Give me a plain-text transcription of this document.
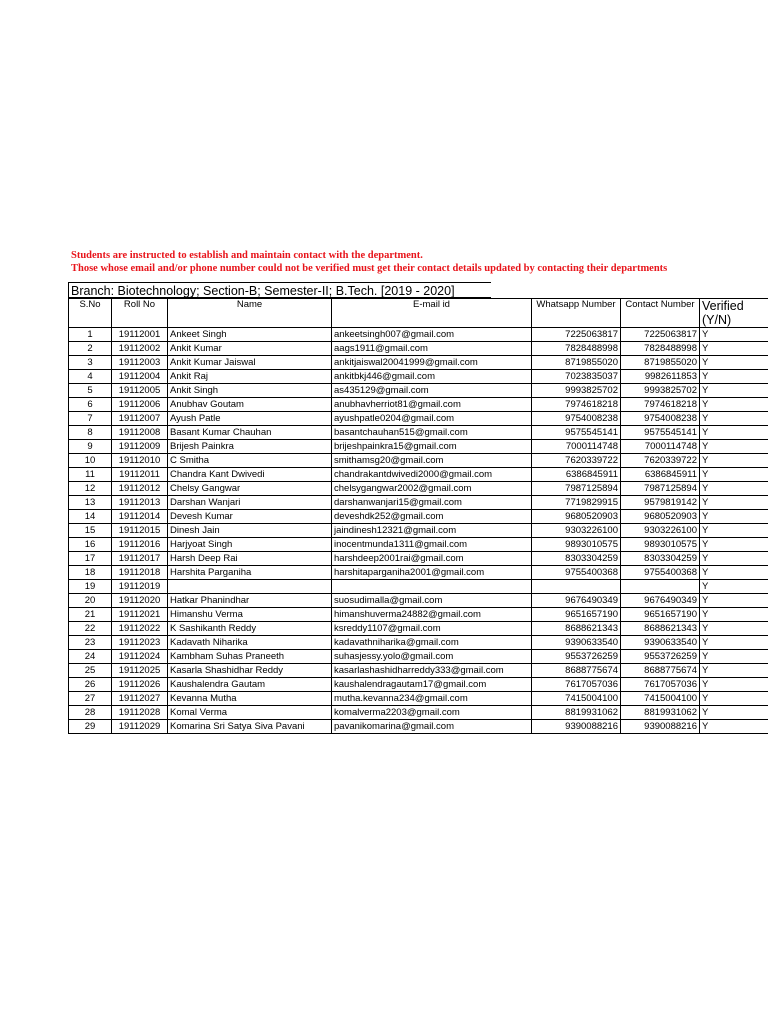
Students are instructed to establish and maintain contact with the department.
Those whose email and/or phone number could not be verified must get their contact details updated by contacting their departments
Branch: Biotechnology; Section-B; Semester-II; B.Tech. [2019 - 2020]
S.No	Roll No	Name	E-mail id	Whatsapp Number	Contact Number	Verified (Y/N)
1	19112001	Ankeet Singh	ankeetsingh007@gmail.com	7225063817	7225063817	Y
2	19112002	Ankit Kumar	aags1911@gmail.com	7828488998	7828488998	Y
3	19112003	Ankit Kumar Jaiswal	ankitjaiswal20041999@gmail.com	8719855020	8719855020	Y
4	19112004	Ankit Raj	ankitbkj446@gmail.com	7023835037	9982611853	Y
5	19112005	Ankit Singh	as435129@gmail.com	9993825702	9993825702	Y
6	19112006	Anubhav Goutam	anubhavherriot81@gmail.com	7974618218	7974618218	Y
7	19112007	Ayush Patle	ayushpatle0204@gmail.com	9754008238	9754008238	Y
8	19112008	Basant Kumar Chauhan	basantchauhan515@gmail.com	9575545141	9575545141	Y
9	19112009	Brijesh Painkra	brijeshpainkra15@gmail.com	7000114748	7000114748	Y
10	19112010	C Smitha	smithamsg20@gmail.com	7620339722	7620339722	Y
11	19112011	Chandra Kant Dwivedi	chandrakantdwivedi2000@gmail.com	6386845911	6386845911	Y
12	19112012	Chelsy Gangwar	chelsygangwar2002@gmail.com	7987125894	7987125894	Y
13	19112013	Darshan Wanjari	darshanwanjari15@gmail.com	7719829915	9579819142	Y
14	19112014	Devesh Kumar	deveshdk252@gmail.com	9680520903	9680520903	Y
15	19112015	Dinesh Jain	jaindinesh12321@gmail.com	9303226100	9303226100	Y
16	19112016	Harjyoat Singh	inocentmunda1311@gmail.com	9893010575	9893010575	Y
17	19112017	Harsh Deep Rai	harshdeep2001rai@gmail.com	8303304259	8303304259	Y
18	19112018	Harshita Parganiha	harshitaparganiha2001@gmail.com	9755400368	9755400368	Y
19	19112019					Y
20	19112020	Hatkar Phanindhar	suosudimalla@gmail.com	9676490349	9676490349	Y
21	19112021	Himanshu Verma	himanshuverma24882@gmail.com	9651657190	9651657190	Y
22	19112022	K Sashikanth Reddy	ksreddy1107@gmail.com	8688621343	8688621343	Y
23	19112023	Kadavath Niharika	kadavathniharika@gmail.com	9390633540	9390633540	Y
24	19112024	Kambham Suhas Praneeth	suhasjessy.yolo@gmail.com	9553726259	9553726259	Y
25	19112025	Kasarla Shashidhar Reddy	kasarlashashidharreddy333@gmail.com	8688775674	8688775674	Y
26	19112026	Kaushalendra Gautam	kaushalendragautam17@gmail.com	7617057036	7617057036	Y
27	19112027	Kevanna Mutha	mutha.kevanna234@gmail.com	7415004100	7415004100	Y
28	19112028	Komal Verma	komalverma2203@gmail.com	8819931062	8819931062	Y
29	19112029	Komarina Sri Satya Siva Pavani	pavanikomarina@gmail.com	9390088216	9390088216	Y
